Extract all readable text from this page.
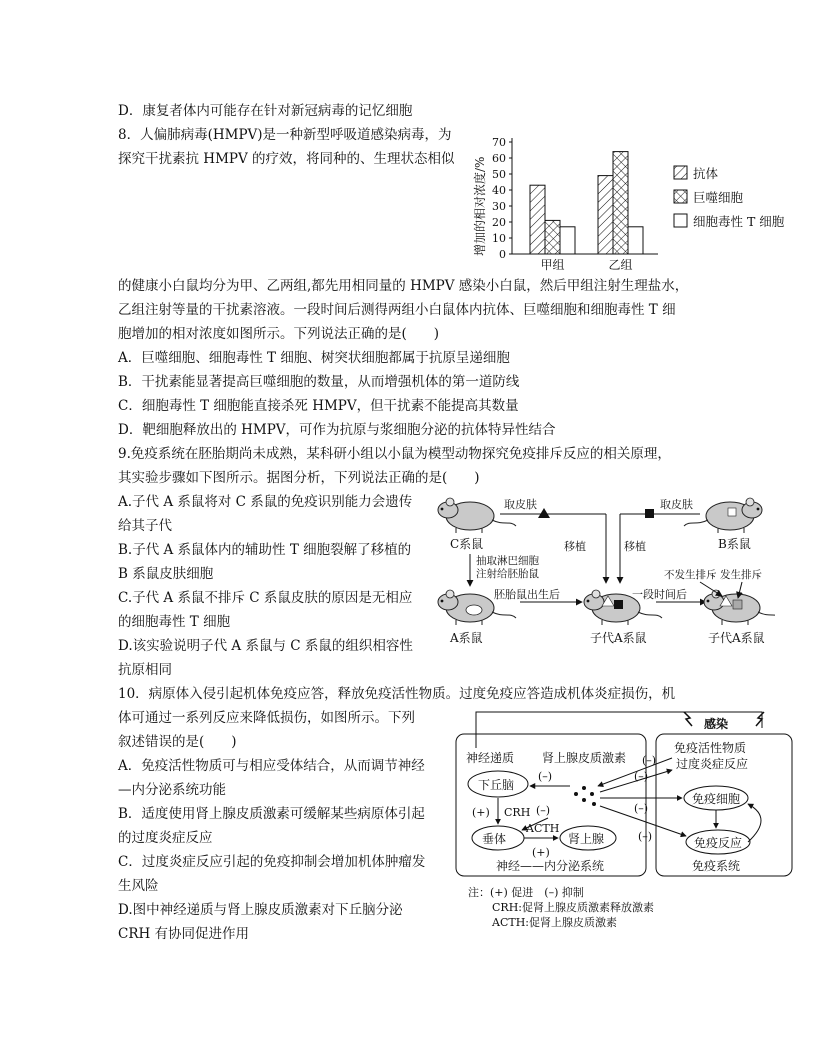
D．康复者体内可能存在针对新冠病毒的记忆细胞
8．人偏肺病毒(HMPV)是一种新型呼吸道感染病毒，为
探究干扰素抗 HMPV 的疗效，将同种的、生理状态相似
的健康小白鼠均分为甲、乙两组,都先用相同量的 HMPV 感染小白鼠，然后甲组注射生理盐水，
乙组注射等量的干扰素溶液。一段时间后测得两组小白鼠体内抗体、巨噬细胞和细胞毒性 T 细
胞增加的相对浓度如图所示。下列说法正确的是(　　)
A．巨噬细胞、细胞毒性 T 细胞、树突状细胞都属于抗原呈递细胞
B．干扰素能显著提高巨噬细胞的数量，从而增强机体的第一道防线
C．细胞毒性 T 细胞能直接杀死 HMPV，但干扰素不能提高其数量
D．靶细胞释放出的 HMPV，可作为抗原与浆细胞分泌的抗体特异性结合
9.免疫系统在胚胎期尚未成熟，某科研小组以小鼠为模型动物探究免疫排斥反应的相关原理，
其实验步骤如下图所示。据图分析，下列说法正确的是(　　)
A.子代 A 系鼠将对 C 系鼠的免疫识别能力会遗传
给其子代
B.子代 A 系鼠体内的辅助性 T 细胞裂解了移植的
B 系鼠皮肤细胞
C.子代 A 系鼠不排斥 C 系鼠皮肤的原因是无相应
的细胞毒性 T 细胞
D.该实验说明子代 A 系鼠与 C 系鼠的组织相容性
抗原相同
10．病原体入侵引起机体免疫应答，释放免疫活性物质。过度免疫应答造成机体炎症损伤，机
体可通过一系列反应来降低损伤，如图所示。下列
叙述错误的是(　　)
A．免疫活性物质可与相应受体结合，从而调节神经
—内分泌系统功能
B．适度使用肾上腺皮质激素可缓解某些病原体引起
的过度炎症反应
C．过度炎症反应引起的免疫抑制会增加机体肿瘤发
生风险
D.图中神经递质与肾上腺皮质激素对下丘脑分泌
CRH 有协同促进作用
增加的相对浓度/% 0
10
20
30
40
50
60
70
甲组	乙组
抗体
巨噬细胞
细胞毒性 T 细胞
C系鼠	B系鼠
取皮肤
移植
取皮肤
移植
抽取淋巴细胞
注射给胚胎鼠
A系鼠
胚胎鼠出生后
子代A系鼠
一段时间后
子代A系鼠
不发生排斥 发生排斥
感染
神经递质 肾上腺皮质激素
下丘脑
(–)
(+) CRH
垂体
ACTH
(+)
肾上腺
(–)
神经——内分泌系统
免疫活性物质
过度炎症反应
免疫细胞
免疫反应
免疫系统
(–)
(–)
(–)
(–)
注：(+) 促进　(–) 抑制
CRH:促肾上腺皮质激素释放激素
ACTH:促肾上腺皮质激素
